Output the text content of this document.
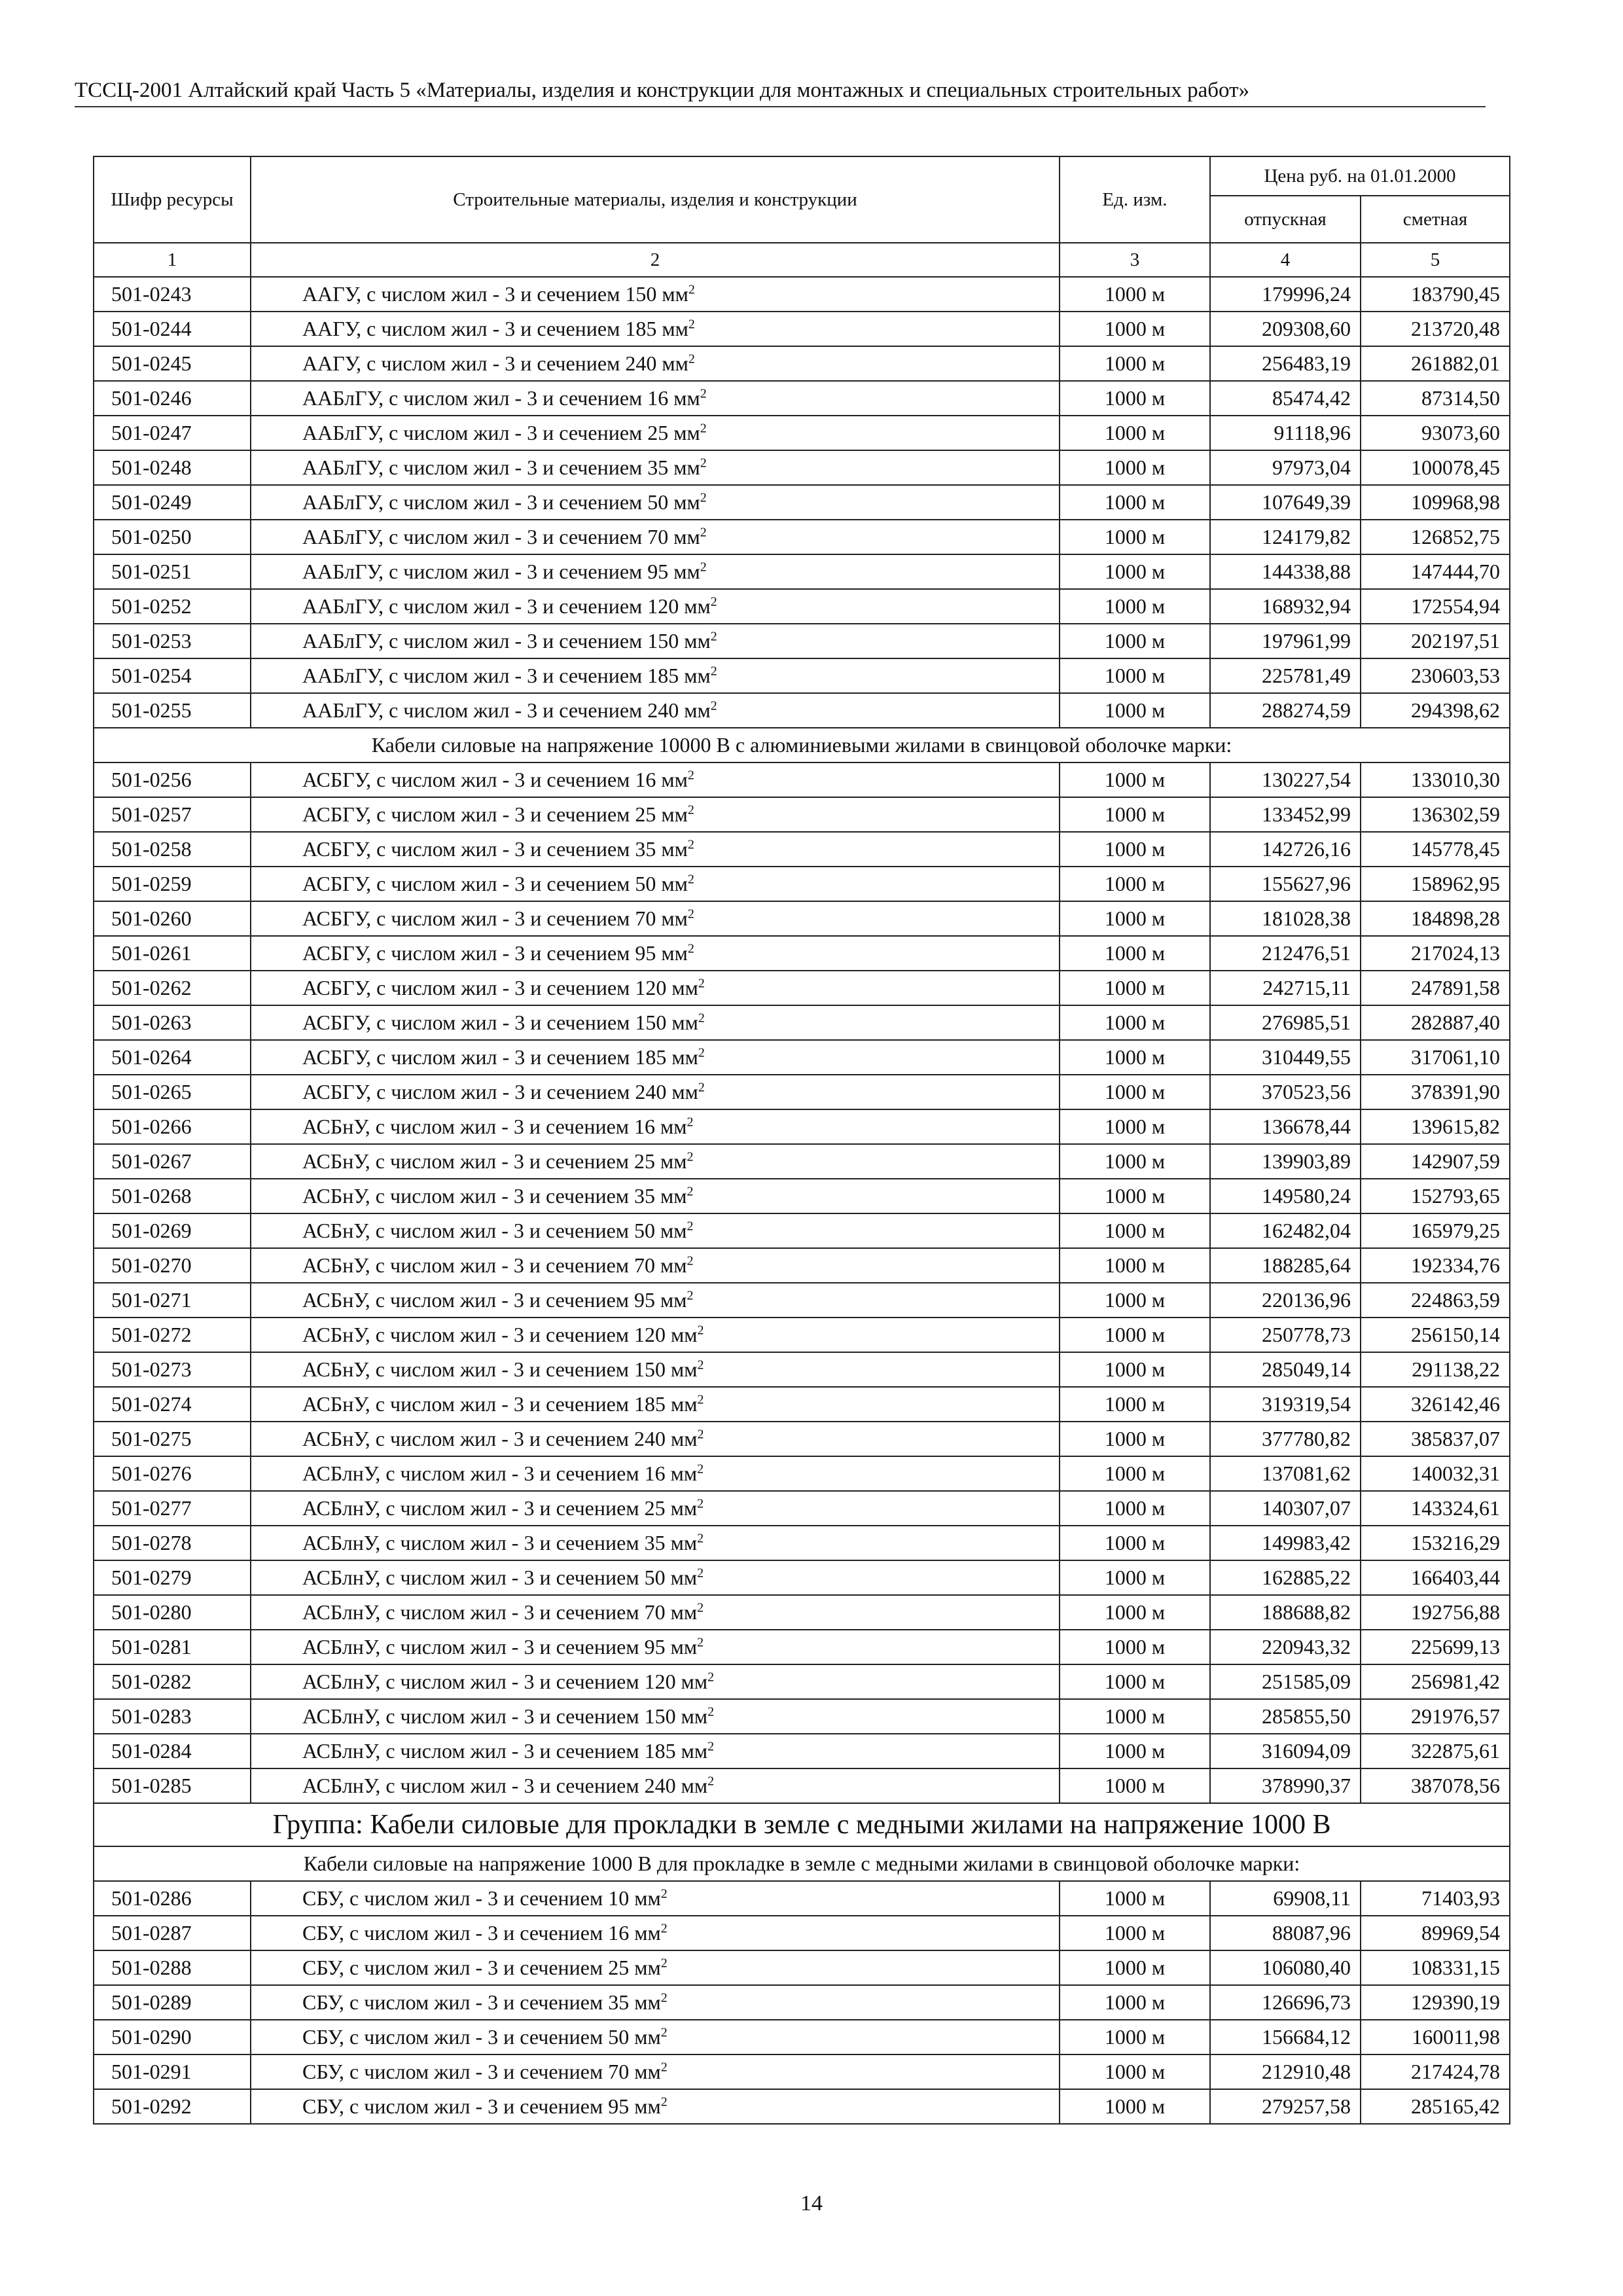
ТССЦ-2001 Алтайский край Часть 5 «Материалы, изделия и конструкции для монтажных и специальных строительных работ»
Шифр ресурсы	Строительные материалы, изделия и конструкции	Ед. изм.	Цена руб. на 01.01.2000	
			отпускная	сметная
1	2	3	4	5
501-0243	ААГУ, с числом жил - 3 и сечением 150 $мм^2$	1000 м	179996,24	183790,45
501-0244	ААГУ, с числом жил - 3 и сечением 185 $мм^2$	1000 м	209308,60	213720,48
501-0245	ААГУ, с числом жил - 3 и сечением 240 $мм^2$	1000 м	256483,19	261882,01
501-0246	ААБлГУ, с числом жил - 3 и сечением 16 $мм^2$	1000 м	85474,42	87314,50
501-0247	ААБлГУ, с числом жил - 3 и сечением 25 $мм^2$	1000 м	91118,96	93073,60
501-0248	ААБлГУ, с числом жил - 3 и сечением 35 $мм^2$	1000 м	97973,04	100078,45
501-0249	ААБлГУ, с числом жил - 3 и сечением 50 $мм^2$	1000 м	107649,39	109968,98
501-0250	ААБлГУ, с числом жил - 3 и сечением 70 $мм^2$	1000 м	124179,82	126852,75
501-0251	ААБлГУ, с числом жил - 3 и сечением 95 $мм^2$	1000 м	144338,88	147444,70
501-0252	ААБлГУ, с числом жил - 3 и сечением 120 $мм^2$	1000 м	168932,94	172554,94
501-0253	ААБлГУ, с числом жил - 3 и сечением 150 $мм^2$	1000 м	197961,99	202197,51
501-0254	ААБлГУ, с числом жил - 3 и сечением 185 $мм^2$	1000 м	225781,49	230603,53
501-0255	ААБлГУ, с числом жил - 3 и сечением 240 $мм^2$	1000 м	288274,59	294398,62
Кабели силовые на напряжение 10000 В с алюминиевыми жилами в свинцовой оболочке марки:				
501-0256	АСБГУ, с числом жил - 3 и сечением 16 $мм^2$	1000 м	130227,54	133010,30
501-0257	АСБГУ, с числом жил - 3 и сечением 25 $мм^2$	1000 м	133452,99	136302,59
501-0258	АСБГУ, с числом жил - 3 и сечением 35 $мм^2$	1000 м	142726,16	145778,45
501-0259	АСБГУ, с числом жил - 3 и сечением 50 $мм^2$	1000 м	155627,96	158962,95
501-0260	АСБГУ, с числом жил - 3 и сечением 70 $мм^2$	1000 м	181028,38	184898,28
501-0261	АСБГУ, с числом жил - 3 и сечением 95 $мм^2$	1000 м	212476,51	217024,13
501-0262	АСБГУ, с числом жил - 3 и сечением 120 $мм^2$	1000 м	242715,11	247891,58
501-0263	АСБГУ, с числом жил - 3 и сечением 150 $мм^2$	1000 м	276985,51	282887,40
501-0264	АСБГУ, с числом жил - 3 и сечением 185 $мм^2$	1000 м	310449,55	317061,10
501-0265	АСБГУ, с числом жил - 3 и сечением 240 $мм^2$	1000 м	370523,56	378391,90
501-0266	АСБнУ, с числом жил - 3 и сечением 16 $мм^2$	1000 м	136678,44	139615,82
501-0267	АСБнУ, с числом жил - 3 и сечением 25 $мм^2$	1000 м	139903,89	142907,59
501-0268	АСБнУ, с числом жил - 3 и сечением 35 $мм^2$	1000 м	149580,24	152793,65
501-0269	АСБнУ, с числом жил - 3 и сечением 50 $мм^2$	1000 м	162482,04	165979,25
501-0270	АСБнУ, с числом жил - 3 и сечением 70 $мм^2$	1000 м	188285,64	192334,76
501-0271	АСБнУ, с числом жил - 3 и сечением 95 $мм^2$	1000 м	220136,96	224863,59
501-0272	АСБнУ, с числом жил - 3 и сечением 120 $мм^2$	1000 м	250778,73	256150,14
501-0273	АСБнУ, с числом жил - 3 и сечением 150 $мм^2$	1000 м	285049,14	291138,22
501-0274	АСБнУ, с числом жил - 3 и сечением 185 $мм^2$	1000 м	319319,54	326142,46
501-0275	АСБнУ, с числом жил - 3 и сечением 240 $мм^2$	1000 м	377780,82	385837,07
501-0276	АСБлнУ, с числом жил - 3 и сечением 16 $мм^2$	1000 м	137081,62	140032,31
501-0277	АСБлнУ, с числом жил - 3 и сечением 25 $мм^2$	1000 м	140307,07	143324,61
501-0278	АСБлнУ, с числом жил - 3 и сечением 35 $мм^2$	1000 м	149983,42	153216,29
501-0279	АСБлнУ, с числом жил - 3 и сечением 50 $мм^2$	1000 м	162885,22	166403,44
501-0280	АСБлнУ, с числом жил - 3 и сечением 70 $мм^2$	1000 м	188688,82	192756,88
501-0281	АСБлнУ, с числом жил - 3 и сечением 95 $мм^2$	1000 м	220943,32	225699,13
501-0282	АСБлнУ, с числом жил - 3 и сечением 120 $мм^2$	1000 м	251585,09	256981,42
501-0283	АСБлнУ, с числом жил - 3 и сечением 150 $мм^2$	1000 м	285855,50	291976,57
501-0284	АСБлнУ, с числом жил - 3 и сечением 185 $мм^2$	1000 м	316094,09	322875,61
501-0285	АСБлнУ, с числом жил - 3 и сечением 240 $мм^2$	1000 м	378990,37	387078,56
Группа: Кабели силовые для прокладки в земле с медными жилами на напряжение 1000 В				
Кабели силовые на напряжение 1000 В для прокладке в земле с медными жилами в свинцовой оболочке марки:				
501-0286	СБУ, с числом жил - 3 и сечением 10 $мм^2$	1000 м	69908,11	71403,93
501-0287	СБУ, с числом жил - 3 и сечением 16 $мм^2$	1000 м	88087,96	89969,54
501-0288	СБУ, с числом жил - 3 и сечением 25 $мм^2$	1000 м	106080,40	108331,15
501-0289	СБУ, с числом жил - 3 и сечением 35 $мм^2$	1000 м	126696,73	129390,19
501-0290	СБУ, с числом жил - 3 и сечением 50 $мм^2$	1000 м	156684,12	160011,98
501-0291	СБУ, с числом жил - 3 и сечением 70 $мм^2$	1000 м	212910,48	217424,78
501-0292	СБУ, с числом жил - 3 и сечением 95 $мм^2$	1000 м	279257,58	285165,42
14
